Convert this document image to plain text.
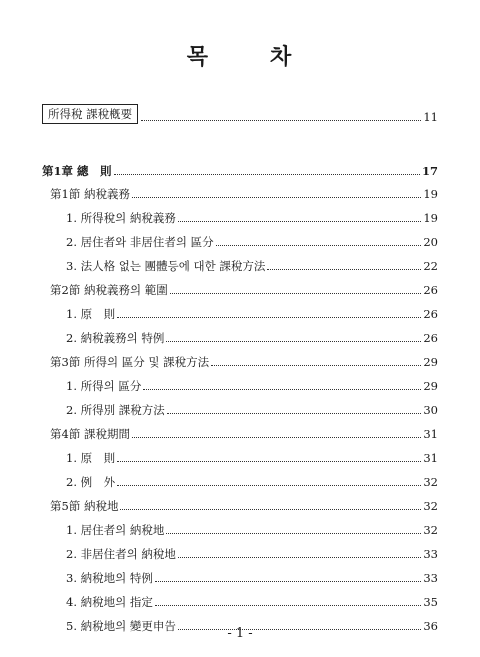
목	차
所得稅 課稅槪要	11
第1章 總　則	17
第1節 納稅義務	19
1. 所得稅의 納稅義務	19
2. 居住者와 非居住者의 區分	20
3. 法人格 없는 團體등에 대한 課稅方法	22
第2節 納稅義務의 範圍	26
1. 原　則	26
2. 納稅義務의 特例	26
第3節 所得의 區分 및 課稅方法	29
1. 所得의 區分	29
2. 所得別 課稅方法	30
第4節 課稅期間	31
1. 原　則	31
2. 例　外	32
第5節 納稅地	32
1. 居住者의 納稅地	32
2. 非居住者의 納稅地	33
3. 納稅地의 特例	33
4. 納稅地의 指定	35
5. 納稅地의 變更申告	36
- 1 -
